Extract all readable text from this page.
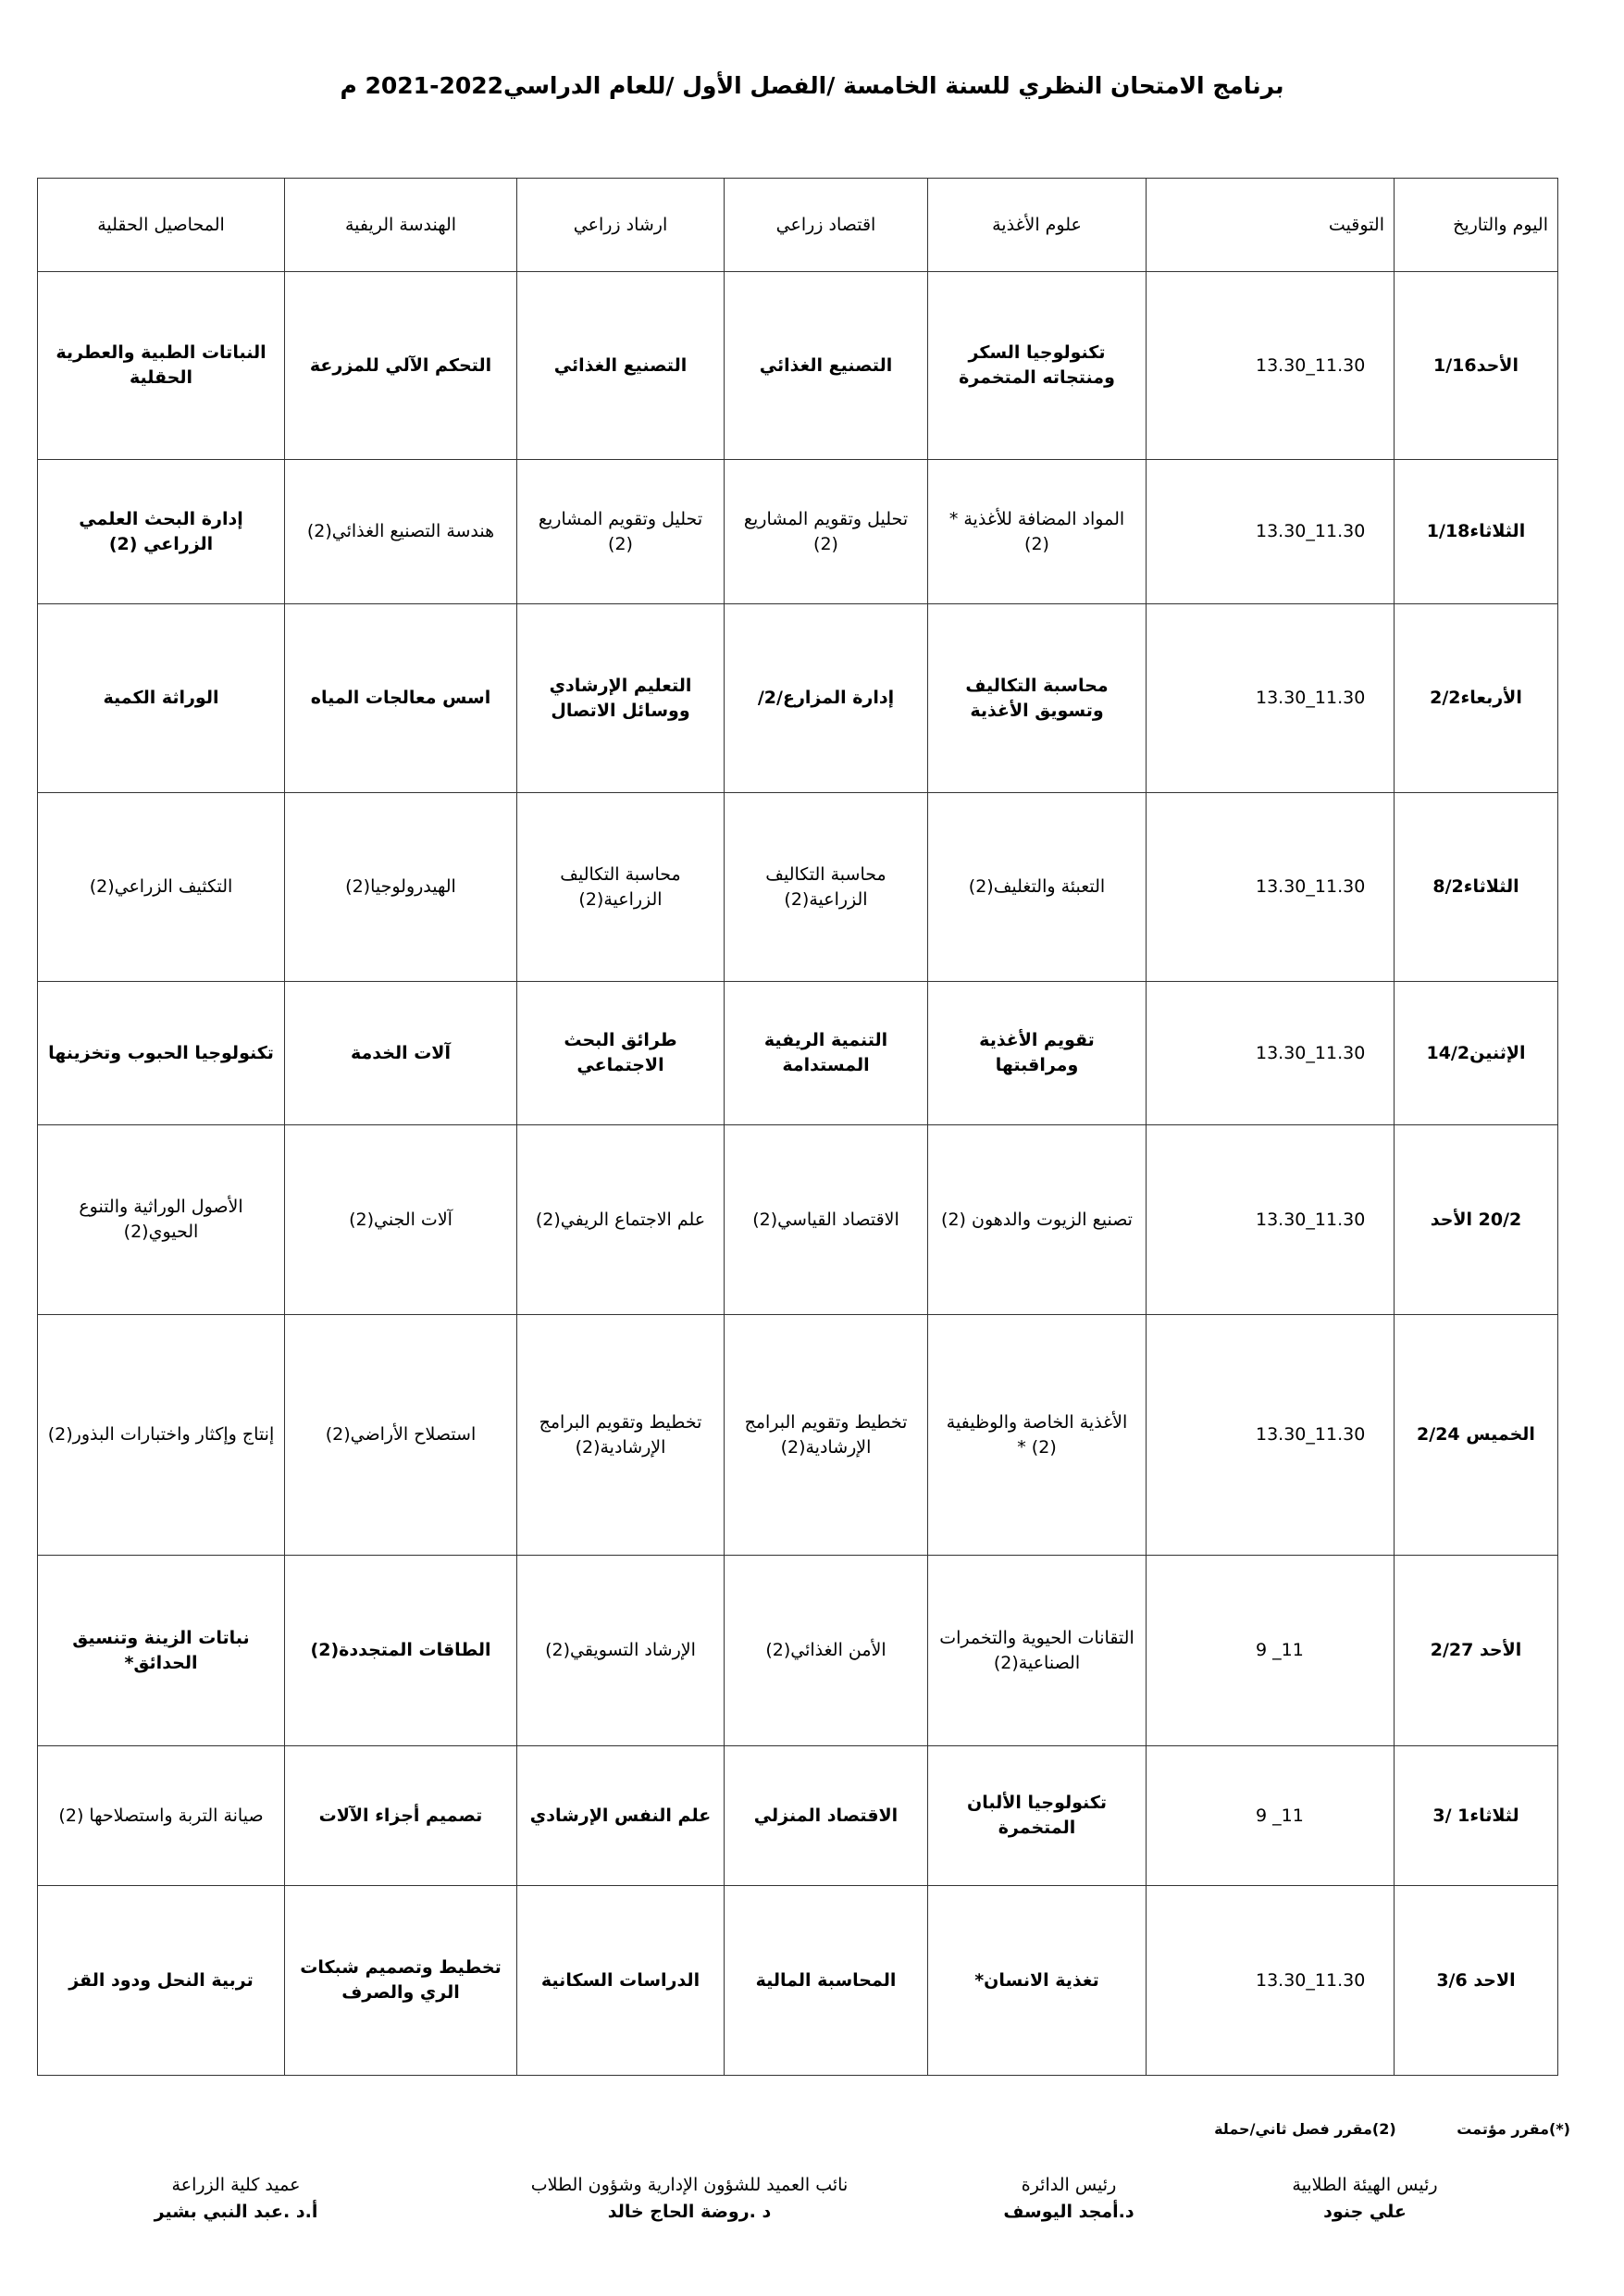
برنامج الامتحان النظري للسنة الخامسة /الفصل الأول /للعام الدراسي2022-2021 م
اليوم والتاريخ	التوقيت	علوم الأغذية	اقتصاد زراعي	ارشاد زراعي	الهندسة الريفية	المحاصيل الحقلية
الأحد1/16	13.30_11.30	تكنولوجيا السكر ومنتجاته المتخمرة	التصنيع الغذائي	التصنيع الغذائي	التحكم الآلي للمزرعة	النباتات الطبية والعطرية الحقلية
الثلاثاء1/18	13.30_11.30	المواد المضافة للأغذية * (2)	تحليل وتقويم المشاريع (2)	تحليل وتقويم المشاريع (2)	هندسة التصنيع الغذائي(2)	إدارة البحث العلمي الزراعي (2)
الأربعاء2/2	13.30_11.30	محاسبة التكاليف وتسويق الأغذية	إدارة المزارع/2/	التعليم الإرشادي ووسائل الاتصال	اسس معالجات المياه	الوراثة الكمية
الثلاثاء8/2	13.30_11.30	التعبئة والتغليف(2)	محاسبة التكاليف الزراعية(2)	محاسبة التكاليف الزراعية(2)	الهيدرولوجيا(2)	التكثيف الزراعي(2)
الإثنين14/2	13.30_11.30	تقويم الأغذية ومراقبتها	التنمية الريفية المستدامة	طرائق البحث الاجتماعي	آلات الخدمة	تكنولوجيا الحبوب وتخزينها
20/2 الأحد	13.30_11.30	تصنيع الزيوت والدهون (2)	الاقتصاد القياسي(2)	علم الاجتماع الريفي(2)	آلات الجني(2)	الأصول الوراثية والتنوع الحيوي(2)
الخميس 2/24	13.30_11.30	الأغذية الخاصة والوظيفية (2) *	تخطيط وتقويم البرامج الإرشادية(2)	تخطيط وتقويم البرامج الإرشادية(2)	استصلاح الأراضي(2)	إنتاج وإكثار واختبارات البذور(2)
الأحد 2/27	9 _11	التقانات الحيوية والتخمرات الصناعية(2)	الأمن الغذائي(2)	الإرشاد التسويقي(2)	الطاقات المتجددة(2)	نباتات الزينة وتنسيق الحدائق*
لثلاثاء1 /3	9 _11	تكنولوجيا الألبان المتخمرة	الاقتصاد المنزلي	علم النفس الإرشادي	تصميم أجزاء الآلات	صيانة التربة واستصلاحها (2)
الاحد 3/6	13.30_11.30	تغذية الانسان*	المحاسبة المالية	الدراسات السكانية	تخطيط وتصميم شبكات الري والصرف	تربية النحل ودود القز
(*)مقرر مؤتمت (2)مقرر فصل ثاني/حملة
رئيس الهيئة الطلابية
علي جنود
رئيس الدائرة
د.أمجد اليوسف
نائب العميد للشؤون الإدارية وشؤون الطلاب
د .روضة الحاج خالد
عميد كلية الزراعة
أ.د .عبد النبي بشير
